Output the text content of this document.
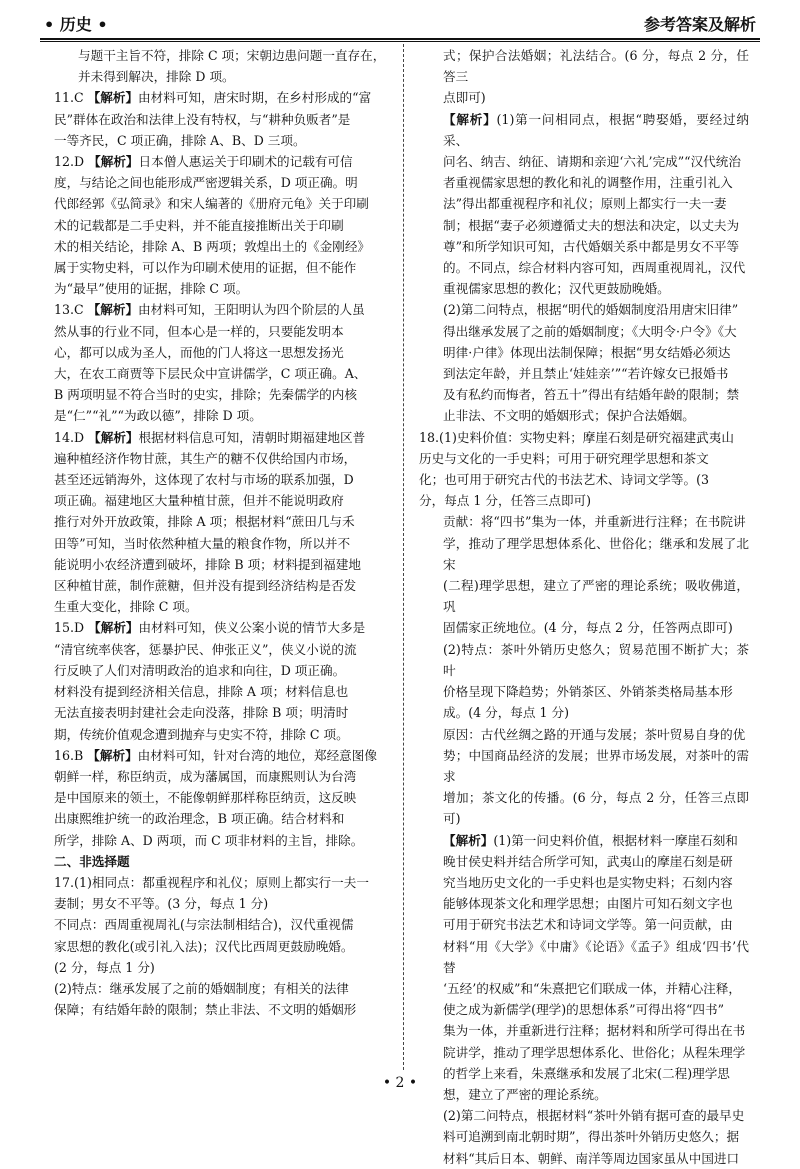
• 历史 •	参考答案及解析

与题干主旨不符，排除 C 项；宋朝边患问题一直存在，

并未得到解决，排除 D 项。

11.C 【解析】由材料可知，唐宋时期，在乡村形成的“富

民”群体在政治和法律上没有特权，与“耕种负贩者”是

一等齐民，C 项正确，排除 A、B、D 三项。

12.D 【解析】日本僧人惠运关于印刷术的记载有可信

度，与结论之间也能形成严密逻辑关系，D 项正确。明

代郎经郭《弘简录》和宋人编著的《册府元龟》关于印刷

术的记载都是二手史料，并不能直接推断出关于印刷

术的相关结论，排除 A、B 两项；敦煌出土的《金刚经》

属于实物史料，可以作为印刷术使用的证据，但不能作

为“最早”使用的证据，排除 C 项。

13.C 【解析】由材料可知，王阳明认为四个阶层的人虽

然从事的行业不同，但本心是一样的，只要能发明本

心，都可以成为圣人，而他的门人将这一思想发扬光

大，在农工商贾等下层民众中宣讲儒学，C 项正确。A、

B 两项明显不符合当时的史实，排除；先秦儒学的内核

是“仁”“礼”“为政以德”，排除 D 项。

14.D 【解析】根据材料信息可知，清朝时期福建地区普

遍种植经济作物甘蔗，其生产的糖不仅供给国内市场，

甚至还远销海外，这体现了农村与市场的联系加强，D

项正确。福建地区大量种植甘蔗，但并不能说明政府

推行对外开放政策，排除 A 项；根据材料“蔗田几与禾

田等”可知，当时依然种植大量的粮食作物，所以并不

能说明小农经济遭到破坏，排除 B 项；材料提到福建地

区种植甘蔗，制作蔗糖，但并没有提到经济结构是否发

生重大变化，排除 C 项。

15.D 【解析】由材料可知，侠义公案小说的情节大多是

“清官统率侠客，惩暴护民、伸张正义”，侠义小说的流

行反映了人们对清明政治的追求和向往，D 项正确。

材料没有提到经济相关信息，排除 A 项；材料信息也

无法直接表明封建社会走向没落，排除 B 项；明清时

期，传统价值观念遭到抛弃与史实不符，排除 C 项。

16.B 【解析】由材料可知，针对台湾的地位，郑经意图像

朝鲜一样，称臣纳贡，成为藩属国，而康熙则认为台湾

是中国原来的领土，不能像朝鲜那样称臣纳贡，这反映

出康熙维护统一的政治理念，B 项正确。结合材料和

所学，排除 A、D 两项，而 C 项非材料的主旨，排除。

二、非选择题

17.(1)相同点：都重视程序和礼仪；原则上都实行一夫一

妻制；男女不平等。(3 分，每点 1 分)

不同点：西周重视周礼(与宗法制相结合)，汉代重视儒

家思想的教化(或引礼入法)；汉代比西周更鼓励晚婚。

(2 分，每点 1 分)

(2)特点：继承发展了之前的婚姻制度；有相关的法律

保障；有结婚年龄的限制；禁止非法、不文明的婚姻形

式；保护合法婚姻；礼法结合。(6 分，每点 2 分，任答三

点即可)

【解析】(1)第一问相同点，根据“聘娶婚，要经过纳采、

问名、纳吉、纳征、请期和亲迎‘六礼’完成”“汉代统治

者重视儒家思想的教化和礼的调整作用，注重引礼入

法”得出都重视程序和礼仪；原则上都实行一夫一妻

制；根据“妻子必须遵循丈夫的想法和决定，以丈夫为

尊”和所学知识可知，古代婚姻关系中都是男女不平等

的。不同点，综合材料内容可知，西周重视周礼，汉代

重视儒家思想的教化；汉代更鼓励晚婚。

(2)第二问特点，根据“明代的婚姻制度沿用唐宋旧律”

得出继承发展了之前的婚姻制度；《大明令·户令》《大

明律·户律》体现出法制保障；根据“男女结婚必须达

到法定年龄，并且禁止‘娃娃亲’”“若许嫁女已报婚书

及有私约而悔者，笞五十”得出有结婚年龄的限制；禁

止非法、不文明的婚姻形式；保护合法婚姻。

18.(1)史料价值：实物史料；摩崖石刻是研究福建武夷山

历史与文化的一手史料；可用于研究理学思想和茶文

化；也可用于研究古代的书法艺术、诗词文学等。(3

分，每点 1 分，任答三点即可)

贡献：将“四书”集为一体，并重新进行注释；在书院讲

学，推动了理学思想体系化、世俗化；继承和发展了北宋

(二程)理学思想，建立了严密的理论系统；吸收佛道，巩

固儒家正统地位。(4 分，每点 2 分，任答两点即可)

(2)特点：茶叶外销历史悠久；贸易范围不断扩大；茶叶

价格呈现下降趋势；外销茶区、外销茶类格局基本形

成。(4 分，每点 1 分)

原因：古代丝绸之路的开通与发展；茶叶贸易自身的优

势；中国商品经济的发展；世界市场发展，对茶叶的需求

增加；茶文化的传播。(6 分，每点 2 分，任答三点即可)

【解析】(1)第一问史料价值，根据材料一摩崖石刻和

晚甘侯史料并结合所学可知，武夷山的摩崖石刻是研

究当地历史文化的一手史料也是实物史料；石刻内容

能够体现茶文化和理学思想；由图片可知石刻文字也

可用于研究书法艺术和诗词文学等。第一问贡献，由

材料“用《大学》《中庸》《论语》《孟子》组成‘四书’代替

‘五经’的权威”和“朱熹把它们联成一体，并精心注释，

使之成为新儒学(理学)的思想体系”可得出将“四书”

集为一体，并重新进行注释；据材料和所学可得出在书

院讲学，推动了理学思想体系化、世俗化；从程朱理学

的哲学上来看，朱熹继承和发展了北宋(二程)理学思

想，建立了严密的理论系统。

(2)第二问特点，根据材料“茶叶外销有据可查的最早史

料可追溯到南北朝时期”，得出茶叶外销历史悠久；据

材料“其后日本、朝鲜、南洋等周边国家虽从中国进口

• 2 •
